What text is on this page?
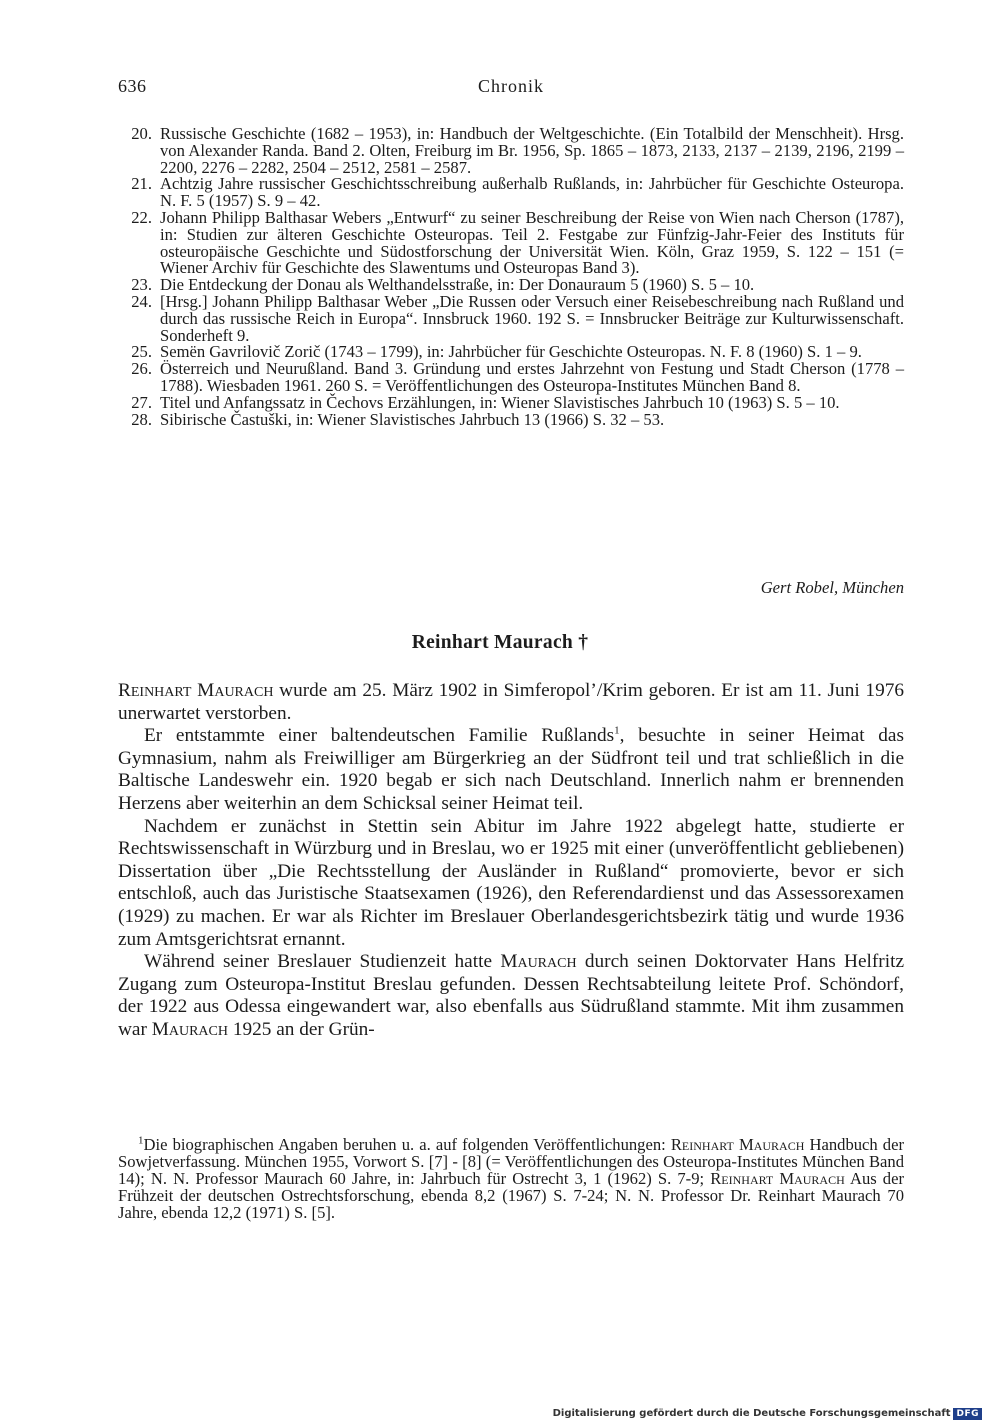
636	Chronik
20. Russische Geschichte (1682 – 1953), in: Handbuch der Weltgeschichte. (Ein Totalbild der Menschheit). Hrsg. von Alexander Randa. Band 2. Olten, Freiburg im Br. 1956, Sp. 1865 – 1873, 2133, 2137 – 2139, 2196, 2199 – 2200, 2276 – 2282, 2504 – 2512, 2581 – 2587.
21. Achtzig Jahre russischer Geschichtsschreibung außerhalb Rußlands, in: Jahrbücher für Geschichte Osteuropa. N. F. 5 (1957) S. 9 – 42.
22. Johann Philipp Balthasar Webers „Entwurf“ zu seiner Beschreibung der Reise von Wien nach Cherson (1787), in: Studien zur älteren Geschichte Osteuropas. Teil 2. Festgabe zur Fünfzig-Jahr-Feier des Instituts für osteuropäische Geschichte und Südostforschung der Universität Wien. Köln, Graz 1959, S. 122 – 151 (= Wiener Archiv für Geschichte des Slawentums und Osteuropas Band 3).
23. Die Entdeckung der Donau als Welthandelsstraße, in: Der Donauraum 5 (1960) S. 5 – 10.
24. [Hrsg.] Johann Philipp Balthasar Weber „Die Russen oder Versuch einer Reisebeschreibung nach Rußland und durch das russische Reich in Europa“. Innsbruck 1960. 192 S. = Innsbrucker Beiträge zur Kulturwissenschaft. Sonderheft 9.
25. Semën Gavrilovič Zorič (1743 – 1799), in: Jahrbücher für Geschichte Osteuropas. N. F. 8 (1960) S. 1 – 9.
26. Österreich und Neurußland. Band 3. Gründung und erstes Jahrzehnt von Festung und Stadt Cherson (1778 – 1788). Wiesbaden 1961. 260 S. = Veröffentlichungen des Osteuropa-Institutes München Band 8.
27. Titel und Anfangssatz in Čechovs Erzählungen, in: Wiener Slavistisches Jahrbuch 10 (1963) S. 5 – 10.
28. Sibirische Častuški, in: Wiener Slavistisches Jahrbuch 13 (1966) S. 32 – 53.
Gert Robel, München
Reinhart Maurach †

Reinhart Maurach wurde am 25. März 1902 in Simferopol’/Krim geboren. Er ist am 11. Juni 1976 unerwartet verstorben.

Er entstammte einer baltendeutschen Familie Rußlands$^1$, besuchte in seiner Heimat das Gymnasium, nahm als Freiwilliger am Bürgerkrieg an der Südfront teil und trat schließlich in die Baltische Landeswehr ein. 1920 begab er sich nach Deutschland. Innerlich nahm er brennenden Herzens aber weiterhin an dem Schicksal seiner Heimat teil.

Nachdem er zunächst in Stettin sein Abitur im Jahre 1922 abgelegt hatte, studierte er Rechtswissenschaft in Würzburg und in Breslau, wo er 1925 mit einer (unveröffentlicht gebliebenen) Dissertation über „Die Rechtsstellung der Ausländer in Rußland“ promovierte, bevor er sich entschloß, auch das Juristische Staatsexamen (1926), den Referendardienst und das Assessorexamen (1929) zu machen. Er war als Richter im Breslauer Oberlandesgerichtsbezirk tätig und wurde 1936 zum Amtsgerichtsrat ernannt.

Während seiner Breslauer Studienzeit hatte Maurach durch seinen Doktorvater Hans Helfritz Zugang zum Osteuropa-Institut Breslau gefunden. Dessen Rechtsabteilung leitete Prof. Schöndorf, der 1922 aus Odessa eingewandert war, also ebenfalls aus Südrußland stammte. Mit ihm zusammen war Maurach 1925 an der Grün-

$^1$Die biographischen Angaben beruhen u. a. auf folgenden Veröffentlichungen: Reinhart Maurach Handbuch der Sowjetverfassung. München 1955, Vorwort S. [7] - [8] (= Veröffentlichungen des Osteuropa-Institutes München Band 14); N. N. Professor Maurach 60 Jahre, in: Jahrbuch für Ostrecht 3, 1 (1962) S. 7-9; Reinhart Maurach Aus der Frühzeit der deutschen Ostrechtsforschung, ebenda 8,2 (1967) S. 7-24; N. N. Professor Dr. Reinhart Maurach 70 Jahre, ebenda 12,2 (1971) S. [5].
Digitalisierung gefördert durch die Deutsche Forschungsgemeinschaft DFG
